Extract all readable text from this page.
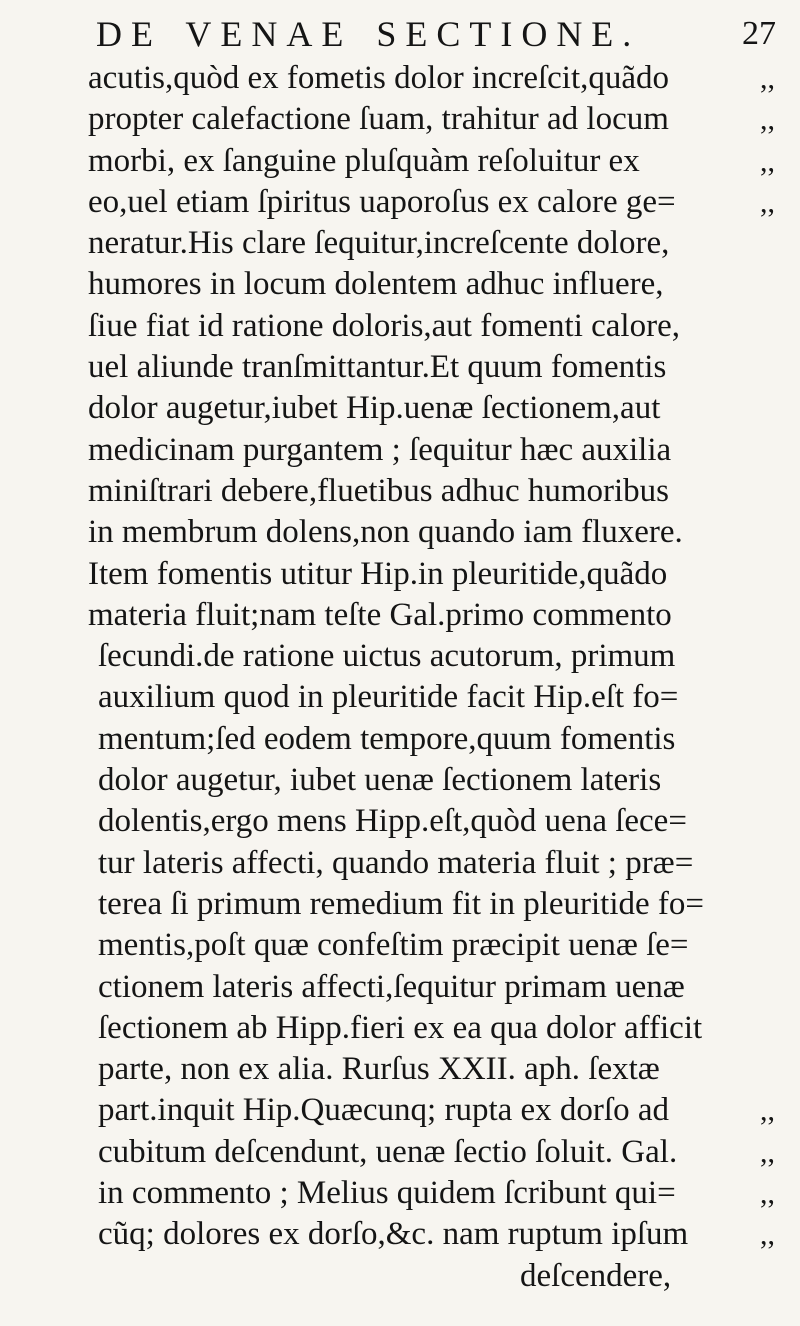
DE VENAE SECTIONE.	27
acutis,quòd ex fometis dolor increſcit,quãdo	,,
propter calefactione ſuam, trahitur ad locum	,,
morbi, ex ſanguine pluſquàm reſoluitur ex	,,
eo,uel etiam ſpiritus uaporoſus ex calore ge=	,,
neratur.His clare ſequitur,increſcente dolore,
humores in locum dolentem adhuc influere,
ſiue fiat id ratione doloris,aut fomenti calore,
uel aliunde tranſmittantur.Et quum fomentis
dolor augetur,iubet Hip.uenæ ſectionem,aut
medicinam purgantem ; ſequitur hæc auxilia
miniſtrari debere,fluetibus adhuc humoribus
in membrum dolens,non quando iam fluxere.
Item fomentis utitur Hip.in pleuritide,quãdo
materia fluit;nam teſte Gal.primo commento
ſecundi.de ratione uictus acutorum, primum
auxilium quod in pleuritide facit Hip.eſt fo=
mentum;ſed eodem tempore,quum fomentis
dolor augetur, iubet uenæ ſectionem lateris
dolentis,ergo mens Hipp.eſt,quòd uena ſece=
tur lateris affecti, quando materia fluit ; præ=
terea ſi primum remedium fit in pleuritide fo=
mentis,poſt quæ confeſtim præcipit uenæ ſe=
ctionem lateris affecti,ſequitur primam uenæ
ſectionem ab Hipp.fieri ex ea qua dolor afficit
parte, non ex alia. Rurſus XXII. aph. ſextæ
part.inquit Hip.Quæcunq; rupta ex dorſo ad	,,
cubitum deſcendunt, uenæ ſectio ſoluit. Gal.	,,
in commento ; Melius quidem ſcribunt qui=	,,
cũq; dolores ex dorſo,&c. nam ruptum ipſum ,,
deſcendere,
